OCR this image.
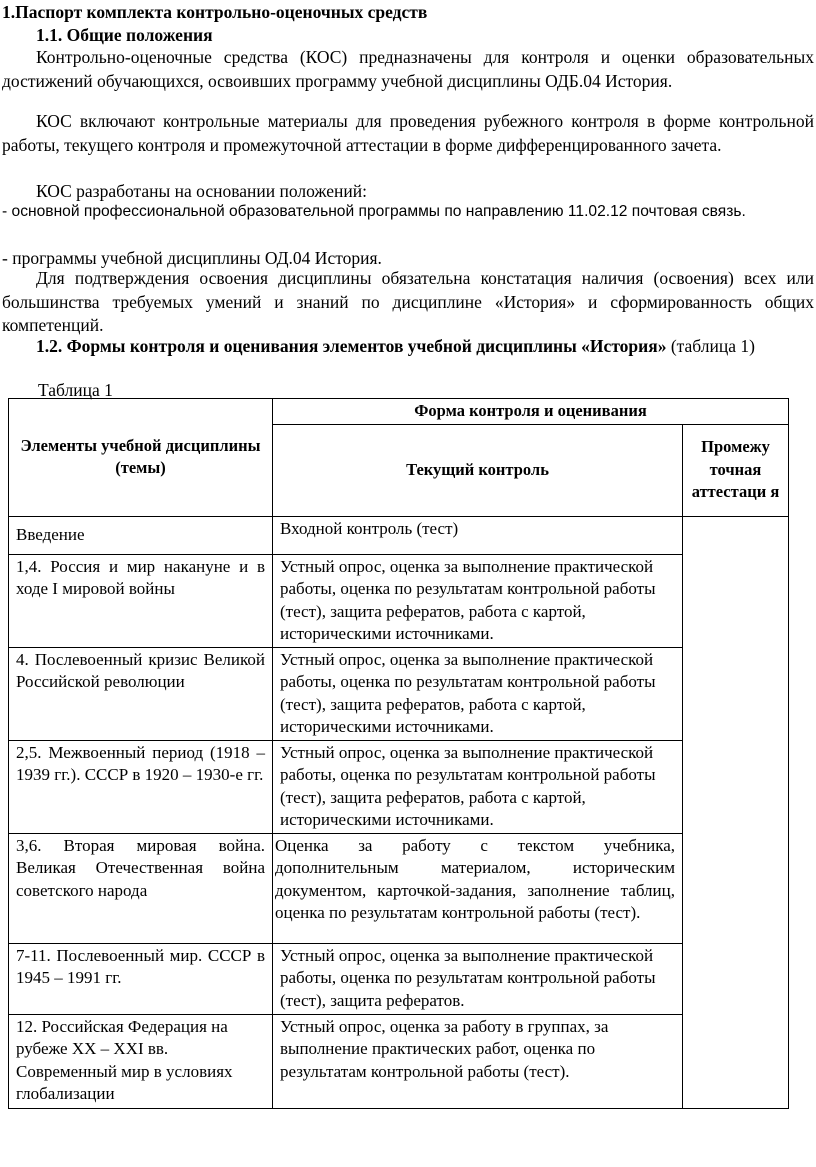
1.Паспорт комплекта контрольно-оценочных средств
1.1. Общие положения
Контрольно-оценочные средства (КОС) предназначены для контроля и оценки образовательных достижений обучающихся, освоивших программу учебной дисциплины ОДБ.04 История.
КОС включают контрольные материалы для проведения рубежного контроля в форме контрольной работы, текущего контроля и промежуточной аттестации в форме дифференцированного зачета.
КОС разработаны на основании положений:
- основной профессиональной образовательной программы по направлению 11.02.12 почтовая связь.
- программы учебной дисциплины ОД.04 История.
Для подтверждения освоения дисциплины обязательна констатация наличия (освоения) всех или большинства требуемых умений и знаний по дисциплине «История» и сформированность общих компетенций.
1.2. Формы контроля и оценивания элементов учебной дисциплины «История» (таблица 1)
Таблица 1
Элементы учебной дисциплины (темы)	Форма контроля и оценивания	
	Текущий контроль	Промежу точная аттестаци я
Введение	Входной контроль (тест)	
1,4. Россия и мир накануне и в ходе I мировой войны	Устный опрос, оценка за выполнение практической работы, оценка по результатам контрольной работы (тест), защита рефератов, работа с картой, историческими источниками.	
4. Послевоенный кризис Великой Российской революции	Устный опрос, оценка за выполнение практической работы, оценка по результатам контрольной работы (тест), защита рефератов, работа с картой, историческими источниками.	
2,5. Межвоенный период (1918 – 1939 гг.). СССР в 1920 – 1930-е гг.	Устный опрос, оценка за выполнение практической работы, оценка по результатам контрольной работы (тест), защита рефератов, работа с картой, историческими источниками.	
3,6. Вторая мировая война. Великая Отечественная война советского народа	Оценка за работу с текстом учебника, дополнительным материалом, историческим документом, карточкой-задания, заполнение таблиц, оценка по результатам контрольной работы (тест).	
7-11. Послевоенный мир. СССР в 1945 – 1991 гг.	Устный опрос, оценка за выполнение практической работы, оценка по результатам контрольной работы (тест), защита рефератов.	
12. Российская Федерация на рубеже XX – XXI вв. Современный мир в условиях глобализации	Устный опрос, оценка за работу в группах, за выполнение практических работ, оценка по результатам контрольной работы (тест).	
